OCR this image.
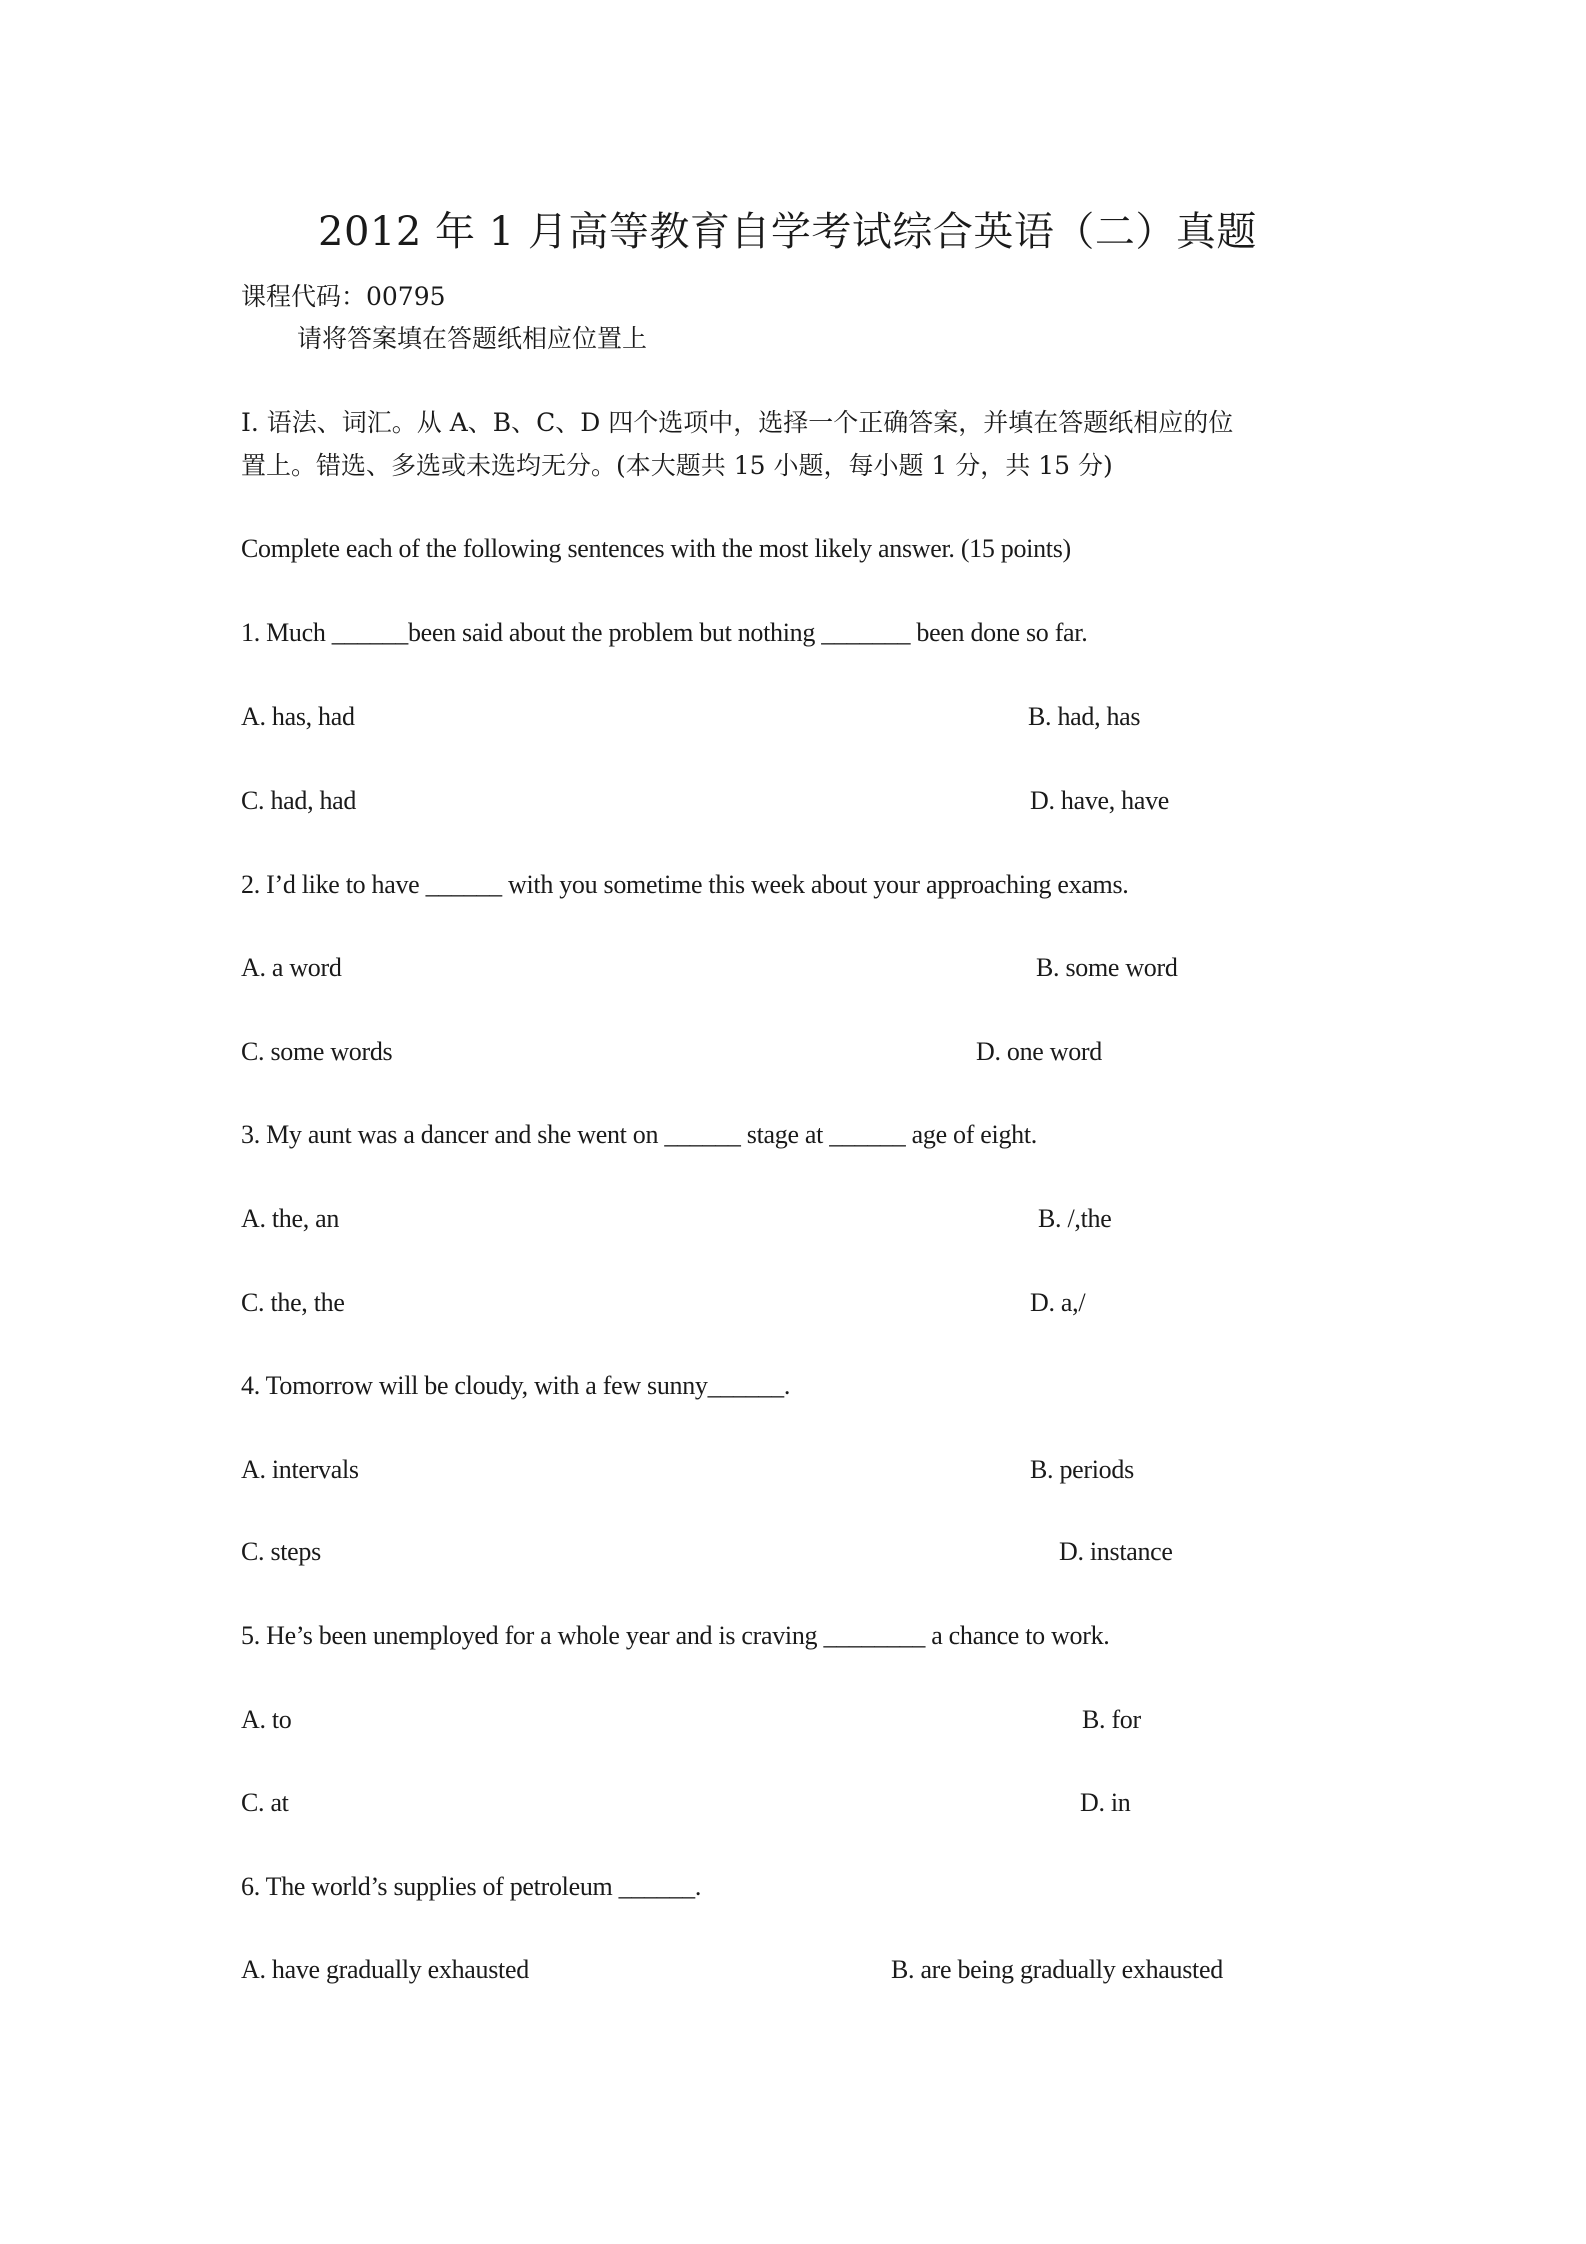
2012 年 1 月高等教育自学考试综合英语（二）真题
课程代码：00795
请将答案填在答题纸相应位置上
I. 语法、词汇。从 A、B、C、D 四个选项中，选择一个正确答案，并填在答题纸相应的位
置上。错选、多选或未选均无分。(本大题共 15 小题，每小题 1 分，共 15 分)
Complete each of the following sentences with the most likely answer. (15 points)
1. Much ______been said about the problem but nothing _______ been done so far.
A. has, had	B. had, has
C. had, had	D. have, have
2. I’d like to have ______ with you sometime this week about your approaching exams.
A. a word	B. some word
C. some words	D. one word
3. My aunt was a dancer and she went on ______ stage at ______ age of eight.
A. the, an	B. /,the
C. the, the	D. a,/
4. Tomorrow will be cloudy, with a few sunny______.
A. intervals	B. periods
C. steps	D. instance
5. He’s been unemployed for a whole year and is craving ________ a chance to work.
A. to	B. for
C. at	D. in
6. The world’s supplies of petroleum ______.
A. have gradually exhausted	B. are being gradually exhausted
